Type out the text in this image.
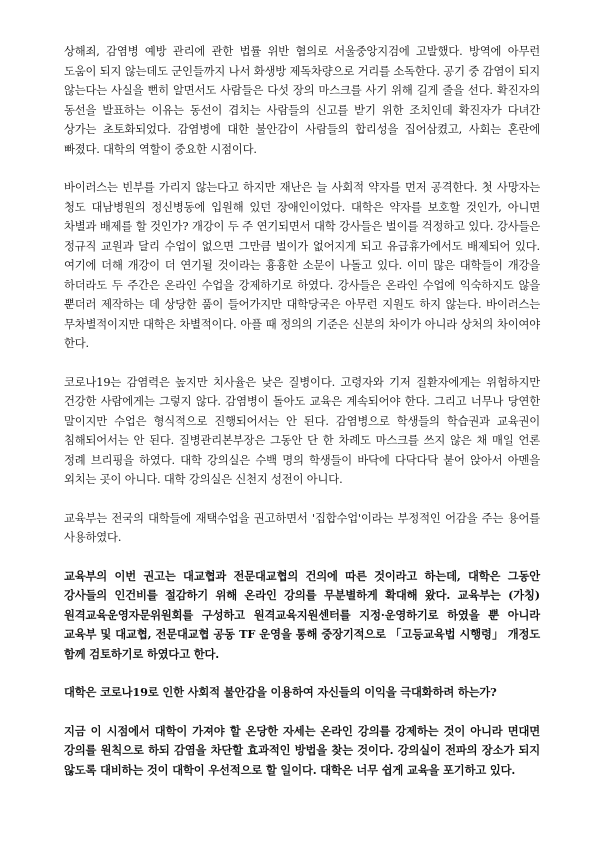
상해죄, 감염병 예방 관리에 관한 법률 위반 혐의로 서울중앙지검에 고발했다. 방역에 아무런 도움이 되지 않는데도 군인들까지 나서 화생방 제독차량으로 거리를 소독한다. 공기 중 감염이 되지 않는다는 사실을 뻔히 알면서도 사람들은 다섯 장의 마스크를 사기 위해 길게 줄을 선다. 확진자의 동선을 발표하는 이유는 동선이 겹치는 사람들의 신고를 받기 위한 조치인데 확진자가 다녀간 상가는 초토화되었다. 감염병에 대한 불안감이 사람들의 합리성을 집어삼켰고, 사회는 혼란에 빠졌다. 대학의 역할이 중요한 시점이다.

바이러스는 빈부를 가리지 않는다고 하지만 재난은 늘 사회적 약자를 먼저 공격한다. 첫 사망자는 청도 대남병원의 정신병동에 입원해 있던 장애인이었다. 대학은 약자를 보호할 것인가, 아니면 차별과 배제를 할 것인가? 개강이 두 주 연기되면서 대학 강사들은 벌이를 걱정하고 있다. 강사들은 정규직 교원과 달리 수업이 없으면 그만큼 벌이가 없어지게 되고 유급휴가에서도 배제되어 있다. 여기에 더해 개강이 더 연기될 것이라는 흉흉한 소문이 나돌고 있다. 이미 많은 대학들이 개강을 하더라도 두 주간은 온라인 수업을 강제하기로 하였다. 강사들은 온라인 수업에 익숙하지도 않을 뿐더러 제작하는 데 상당한 품이 들어가지만 대학당국은 아무런 지원도 하지 않는다. 바이러스는 무차별적이지만 대학은 차별적이다. 아플 때 정의의 기준은 신분의 차이가 아니라 상처의 차이여야 한다.

코로나19는 감염력은 높지만 치사율은 낮은 질병이다. 고령자와 기저 질환자에게는 위험하지만 건강한 사람에게는 그렇지 않다. 감염병이 돌아도 교육은 계속되어야 한다. 그리고 너무나 당연한 말이지만 수업은 형식적으로 진행되어서는 안 된다. 감염병으로 학생들의 학습권과 교육권이 침해되어서는 안 된다. 질병관리본부장은 그동안 단 한 차례도 마스크를 쓰지 않은 채 매일 언론 정례 브리핑을 하였다. 대학 강의실은 수백 명의 학생들이 바닥에 다닥다닥 붙어 앉아서 아멘을 외치는 곳이 아니다. 대학 강의실은 신천지 성전이 아니다.

교육부는 전국의 대학들에 재택수업을 권고하면서 '집합수업'이라는 부정적인 어감을 주는 용어를 사용하였다.

교육부의 이번 권고는 대교협과 전문대교협의 건의에 따른 것이라고 하는데, 대학은 그동안 강사들의 인건비를 절감하기 위해 온라인 강의를 무분별하게 확대해 왔다. 교육부는 (가칭)원격교육운영자문위원회를 구성하고 원격교육지원센터를 지정·운영하기로 하였을 뿐 아니라 교육부 및 대교협, 전문대교협 공동 TF 운영을 통해 중장기적으로 「고등교육법 시행령」 개정도 함께 검토하기로 하였다고 한다.

대학은 코로나19로 인한 사회적 불안감을 이용하여 자신들의 이익을 극대화하려 하는가?

지금 이 시점에서 대학이 가져야 할 온당한 자세는 온라인 강의를 강제하는 것이 아니라 면대면 강의를 원칙으로 하되 감염을 차단할 효과적인 방법을 찾는 것이다. 강의실이 전파의 장소가 되지 않도록 대비하는 것이 대학이 우선적으로 할 일이다. 대학은 너무 쉽게 교육을 포기하고 있다.
